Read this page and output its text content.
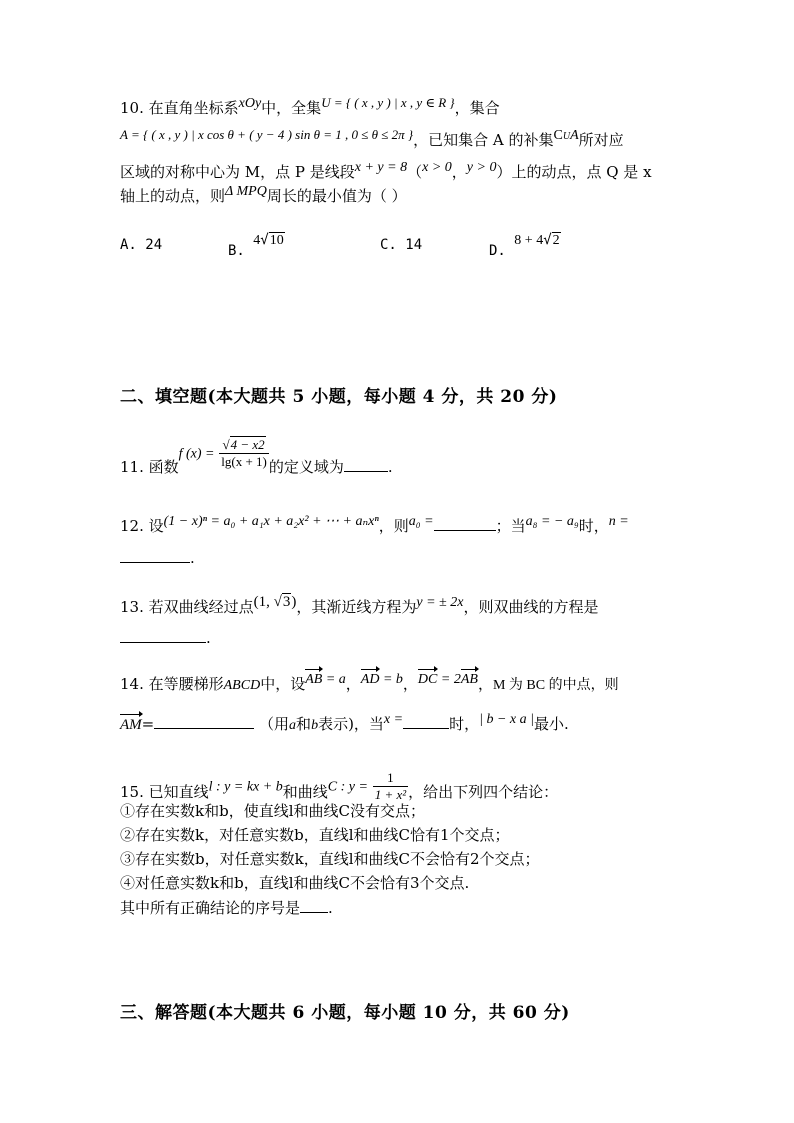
10. 在直角坐标系xOy中，全集U = { ( x , y ) | x , y ∈ R }，集合
A = { ( x , y ) | x cos θ + ( y − 4 ) sin θ = 1 , 0 ≤ θ ≤ 2π }，已知集合 A 的补集$C^UA$所对应
区域的对称中心为 M，点 P 是线段x + y = 8（x > 0，y > 0）上的动点，点 Q 是 x
轴上的动点，则Δ MPQ周长的最小值为（ ）
A. 24	B. 4√10	C. 14	D. 8 + 4√2
二、填空题(本大题共 5 小题，每小题 4 分，共 20 分)
11. 函数f $(x) = \frac{√4 - x2}{\lg(x + 1)}$ 的定义域为	.
12. 设(1 − x)ⁿ = a₀ + a₁x + a₂x² + ⋯ + aₙxⁿ，则a₀ =	；当a₈ = − a₉时，n =
.
13. 若双曲线经过点(1, √3)，其渐近线方程为y = ± 2x，则双曲线的方程是
.
14. 在等腰梯形ABCD中，设AB = a，AD = b，DC = 2AB，M 为 BC 的中点，则
AM=	（用a和b表示)，当x =	时，| b − x a |最小.
15. 已知直线l : y = kx + b和曲线C : $y = \frac{1}{\text{1 + x²}}$ ，给出下列四个结论：
①存在实数k和b，使直线l和曲线C没有交点；
②存在实数k，对任意实数b，直线l和曲线C恰有1个交点；
③存在实数b，对任意实数k，直线l和曲线C不会恰有2个交点；
④对任意实数k和b，直线l和曲线C不会恰有3个交点.
其中所有正确结论的序号是 .
三、解答题(本大题共 6 小题，每小题 10 分，共 60 分)
